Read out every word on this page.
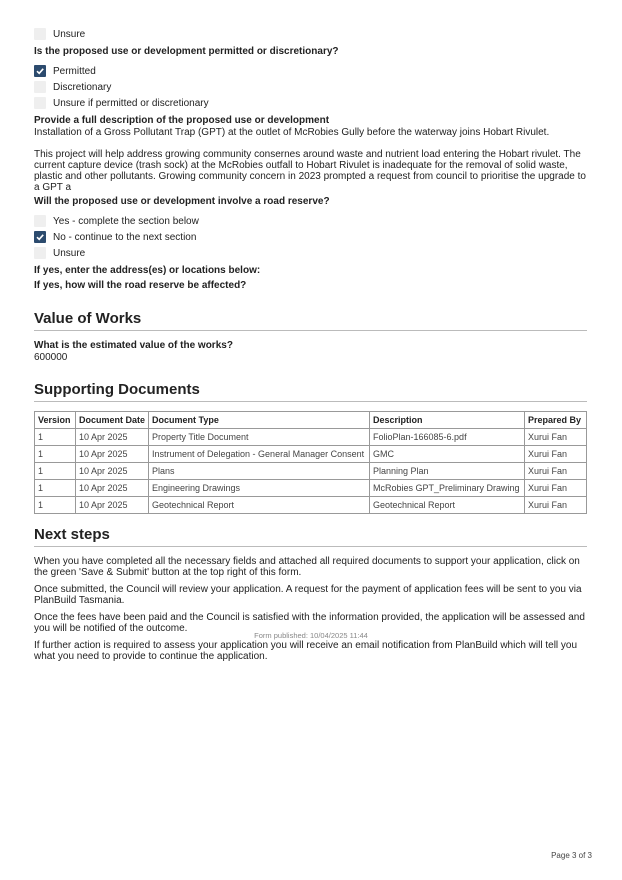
Unsure
Is the proposed use or development permitted or discretionary?
Permitted
Discretionary
Unsure if permitted or discretionary
Provide a full description of the proposed use or development

Installation of a Gross Pollutant Trap (GPT) at the outlet of McRobies Gully before the waterway joins Hobart Rivulet.

This project will help address growing community consernes around waste and nutrient load entering the Hobart rivulet. The current capture device (trash sock) at the McRobies outfall to Hobart Rivulet is inadequate for the removal of solid waste, plastic and other pollutants. Growing community concern in 2023 prompted a request from council to prioritise the upgrade to a GPT a

Will the proposed use or development involve a road reserve?
Yes - complete the section below
No - continue to the next section
Unsure
If yes, enter the address(es) or locations below:
If yes, how will the road reserve be affected?
Value of Works
What is the estimated value of the works?

600000

Supporting Documents
Version	Document Date	Document Type	Description	Prepared By
1	10 Apr 2025	Property Title Document	FolioPlan-166085-6.pdf	Xurui Fan
1	10 Apr 2025	Instrument of Delegation - General Manager Consent	GMC	Xurui Fan
1	10 Apr 2025	Plans	Planning Plan	Xurui Fan
1	10 Apr 2025	Engineering Drawings	McRobies GPT_Preliminary Drawing	Xurui Fan
1	10 Apr 2025	Geotechnical Report	Geotechnical Report	Xurui Fan
Next steps

When you have completed all the necessary fields and attached all required documents to support your application, click on the green 'Save & Submit' button at the top right of this form.

Once submitted, the Council will review your application. A request for the payment of application fees will be sent to you via PlanBuild Tasmania.

Once the fees have been paid and the Council is satisfied with the information provided, the application will be assessed and you will be notified of the outcome.

If further action is required to assess your application you will receive an email notification from PlanBuild which will tell you what you need to provide to continue the application.

Form published: 10/04/2025 11:44
Page 3 of 3
